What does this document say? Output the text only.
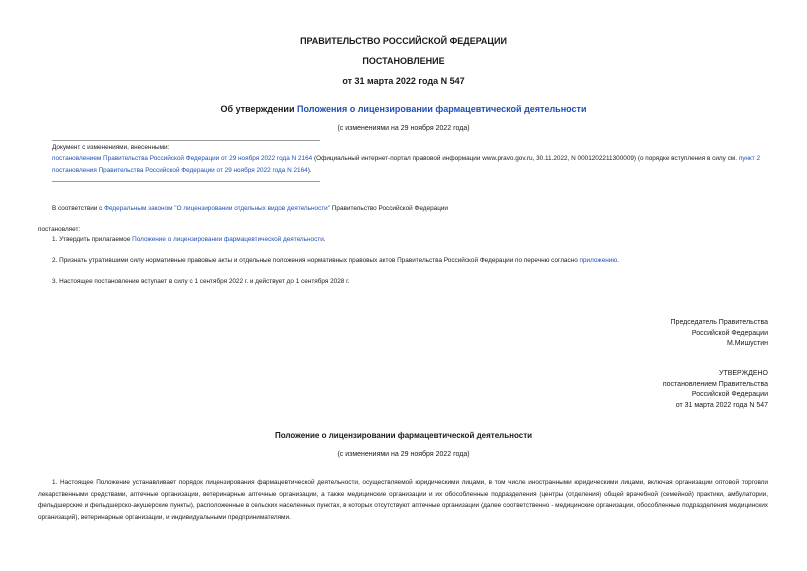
ПРАВИТЕЛЬСТВО РОССИЙСКОЙ ФЕДЕРАЦИИ
ПОСТАНОВЛЕНИЕ
от 31 марта 2022 года N 547
Об утверждении Положения о лицензировании фармацевтической деятельности
(с изменениями на 29 ноября 2022 года)
Документ с изменениями, внесенными:
постановлением Правительства Российской Федерации от 29 ноября 2022 года N 2164 (Официальный интернет-портал правовой информации www.pravo.gov.ru, 30.11.2022, N 0001202211300009) (о порядке вступления в силу см. пункт 2 постановления Правительства Российской Федерации от 29 ноября 2022 года N 2164).
В соответствии с Федеральным законом "О лицензировании отдельных видов деятельности" Правительство Российской Федерации
постановляет:
1. Утвердить прилагаемое Положение о лицензировании фармацевтической деятельности.
2. Признать утратившими силу нормативные правовые акты и отдельные положения нормативных правовых актов Правительства Российской Федерации по перечню согласно приложению.
3. Настоящее постановление вступает в силу с 1 сентября 2022 г. и действует до 1 сентября 2028 г.
Председатель Правительства
Российской Федерации
М.Мишустин
УТВЕРЖДЕНО
постановлением Правительства
Российской Федерации
от 31 марта 2022 года N 547
Положение о лицензировании фармацевтической деятельности
(с изменениями на 29 ноября 2022 года)
1. Настоящее Положение устанавливает порядок лицензирования фармацевтической деятельности, осуществляемой юридическими лицами, в том числе иностранными юридическими лицами, включая организации оптовой торговли лекарственными средствами, аптечные организации, ветеринарные аптечные организации, а также медицинские организации и их обособленные подразделения (центры (отделения) общей врачебной (семейной) практики, амбулатории, фельдшерские и фельдшерско-акушерские пункты), расположенные в сельских населенных пунктах, в которых отсутствуют аптечные организации (далее соответственно - медицинские организации, обособленные подразделения медицинских организаций), ветеринарные организации, и индивидуальными предпринимателями.
